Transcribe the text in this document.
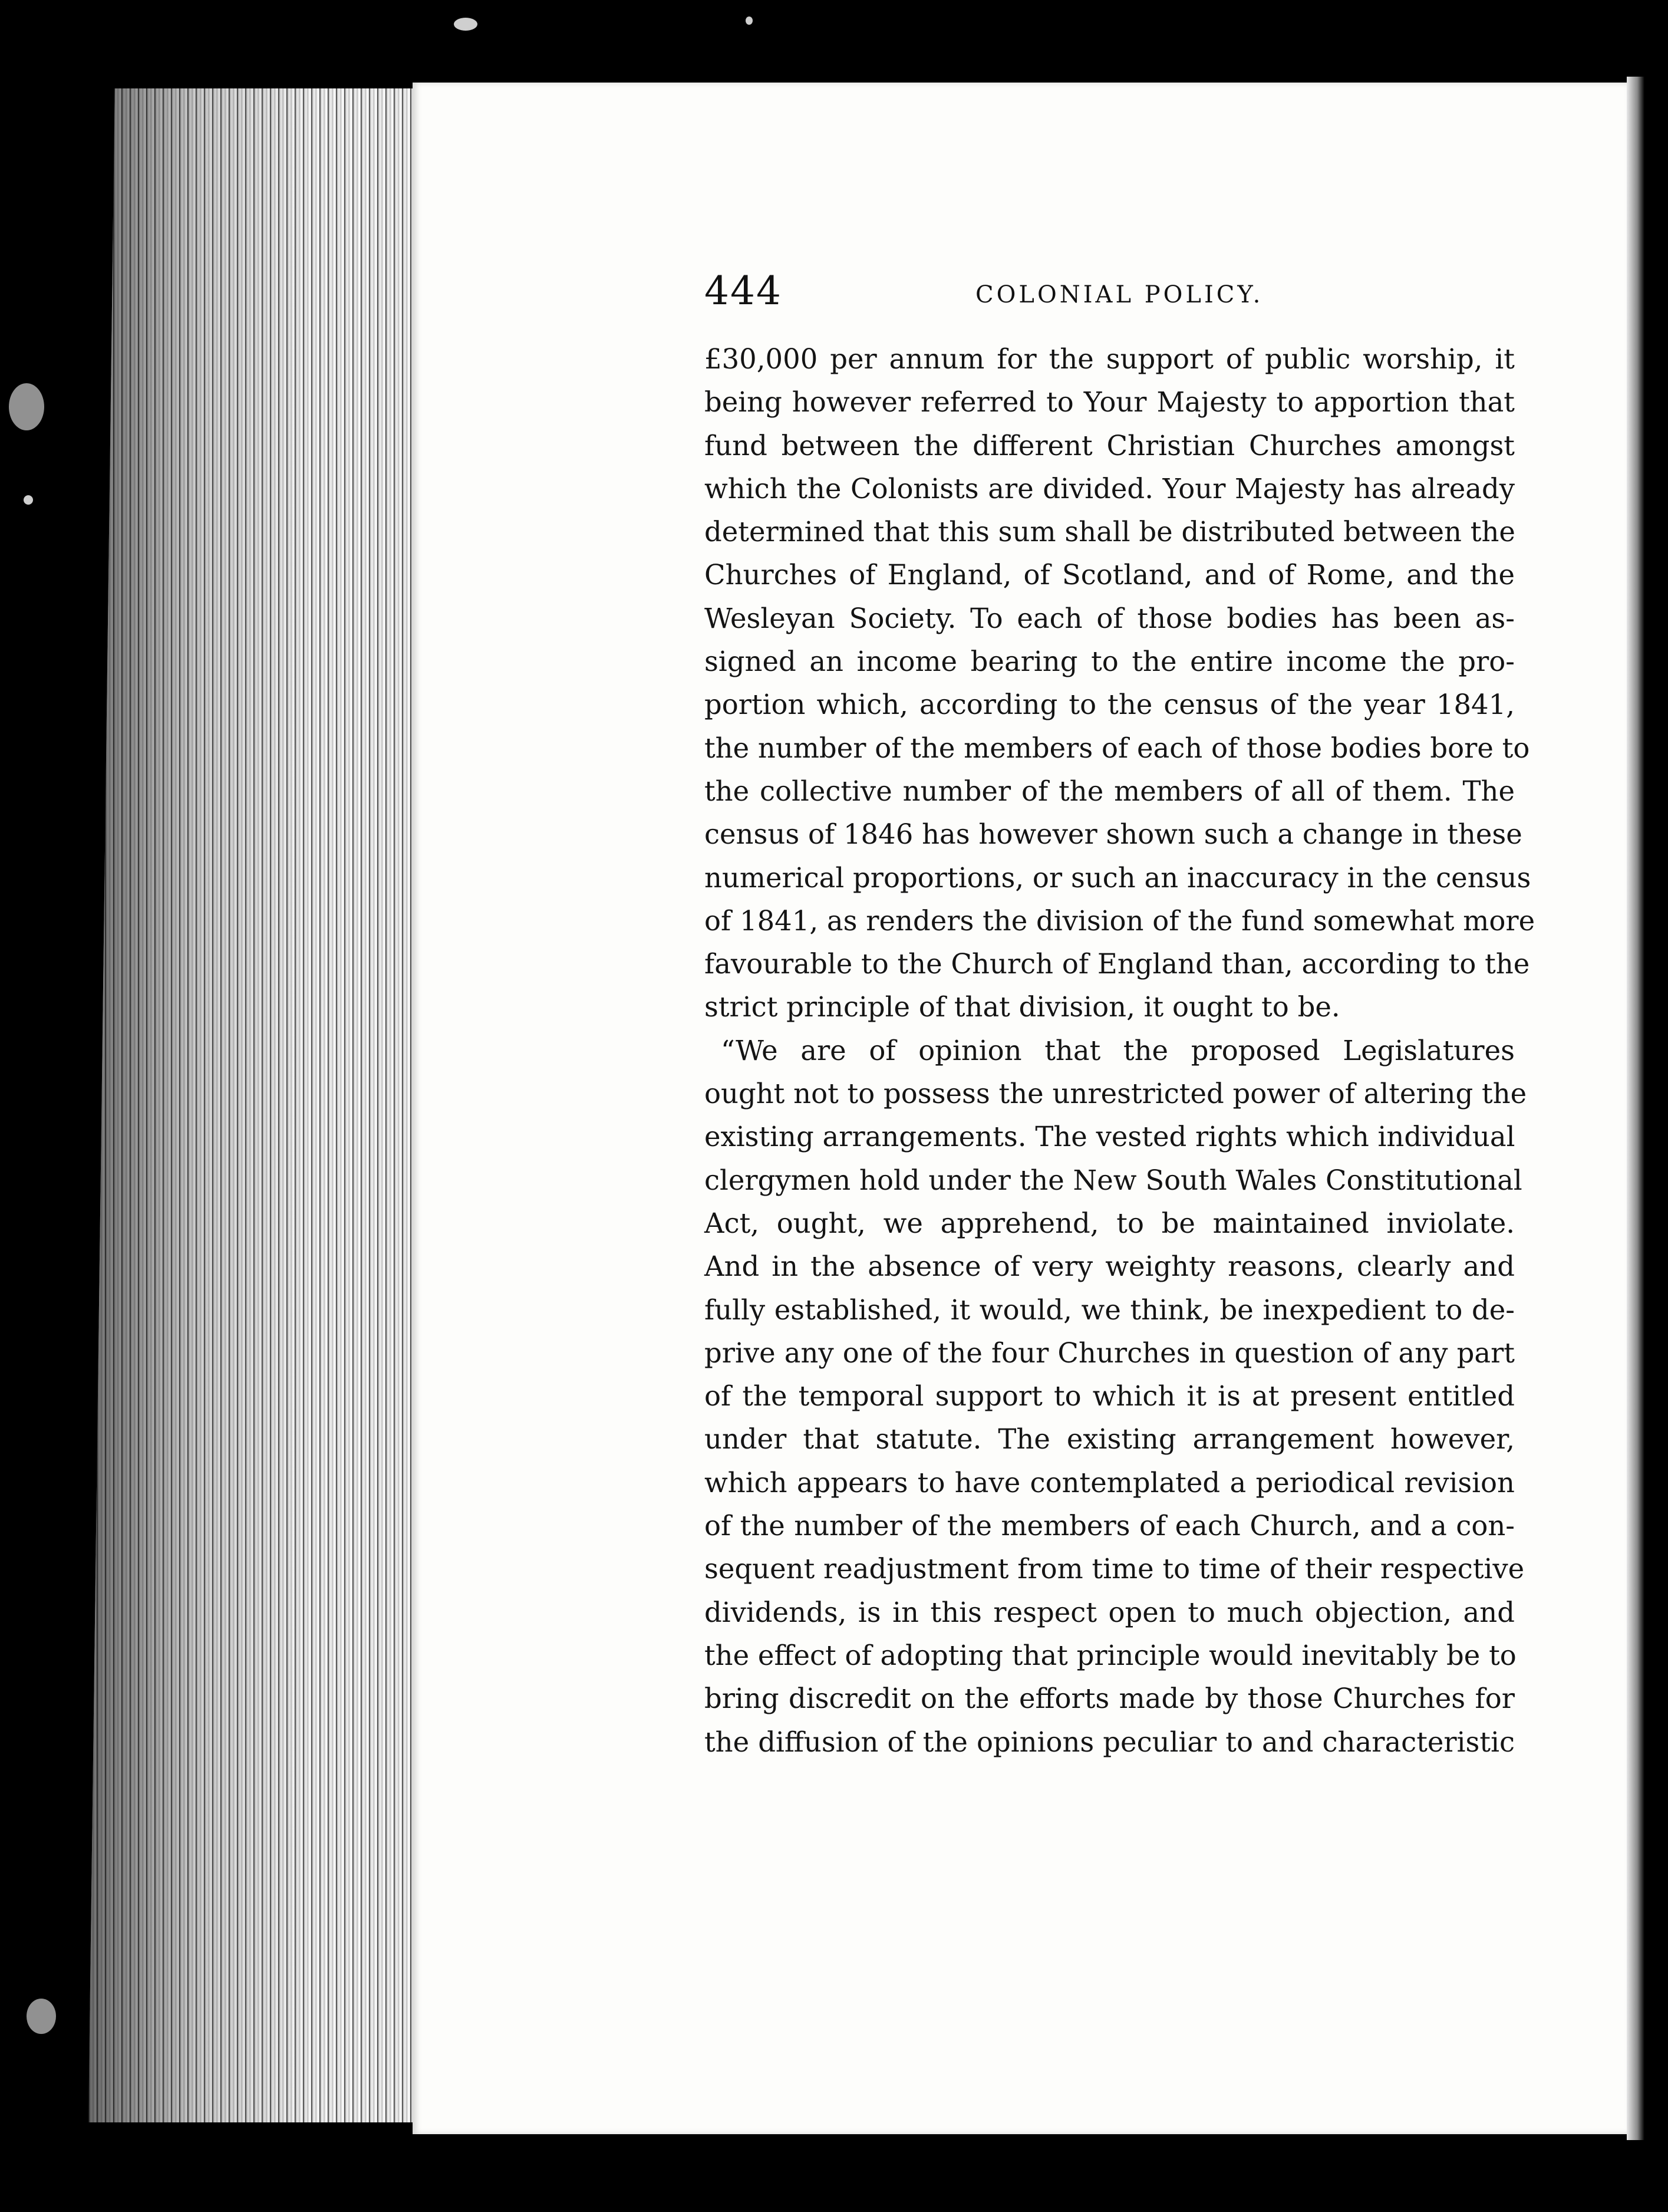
444	COLONIAL POLICY.
£30,000 per annum for the support of public worship, it
being however referred to Your Majesty to apportion that
fund between the different Christian Churches amongst
which the Colonists are divided. Your Majesty has already
determined that this sum shall be distributed between the
Churches of England, of Scotland, and of Rome, and the
Wesleyan Society. To each of those bodies has been as-
signed an income bearing to the entire income the pro-
portion which, according to the census of the year 1841,
the number of the members of each of those bodies bore to
the collective number of the members of all of them. The
census of 1846 has however shown such a change in these
numerical proportions, or such an inaccuracy in the census
of 1841, as renders the division of the fund somewhat more
favourable to the Church of England than, according to the
strict principle of that division, it ought to be.
“We are of opinion that the proposed Legislatures
ought not to possess the unrestricted power of altering the
existing arrangements. The vested rights which individual
clergymen hold under the New South Wales Constitutional
Act, ought, we apprehend, to be maintained inviolate.
And in the absence of very weighty reasons, clearly and
fully established, it would, we think, be inexpedient to de-
prive any one of the four Churches in question of any part
of the temporal support to which it is at present entitled
under that statute. The existing arrangement however,
which appears to have contemplated a periodical revision
of the number of the members of each Church, and a con-
sequent readjustment from time to time of their respective
dividends, is in this respect open to much objection, and
the effect of adopting that principle would inevitably be to
bring discredit on the efforts made by those Churches for
the diffusion of the opinions peculiar to and characteristic
